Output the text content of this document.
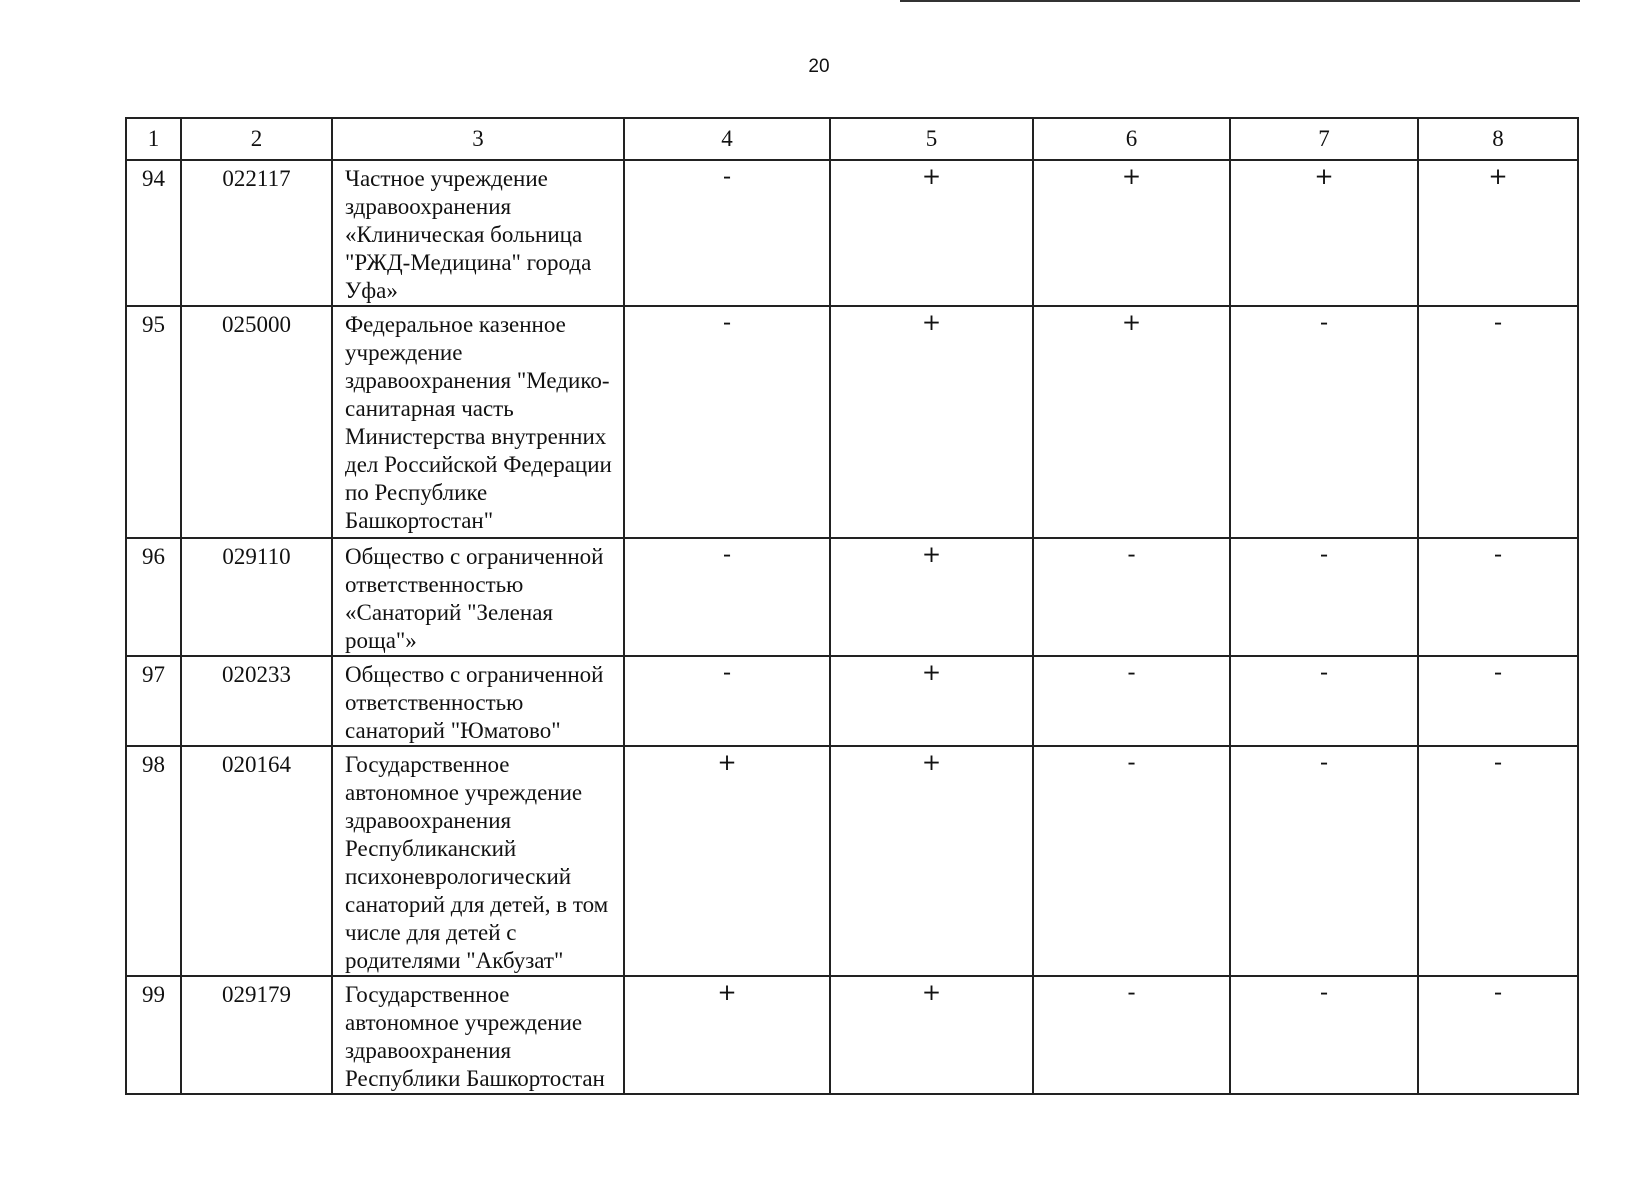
20
1	2	3	4	5	6	7	8
94	022117	Частное учреждение здравоохранения «Клиническая больница "РЖД-Медицина" города Уфа»	-	+	+	+	+
95	025000	Федеральное казенное учреждение здравоохранения "Медико-санитарная часть Министерства внутренних дел Российской Федерации по Республике Башкортостан"	-	+	+	-	-
96	029110	Общество с ограниченной ответственностью «Санаторий "Зеленая роща"»	-	+	-	-	-
97	020233	Общество с ограниченной ответственностью санаторий "Юматово"	-	+	-	-	-
98	020164	Государственное автономное учреждение здравоохранения Республиканский психоневрологический санаторий для детей, в том числе для детей с родителями "Акбузат"	+	+	-	-	-
99	029179	Государственное автономное учреждение здравоохранения Республики Башкортостан	+	+	-	-	-
